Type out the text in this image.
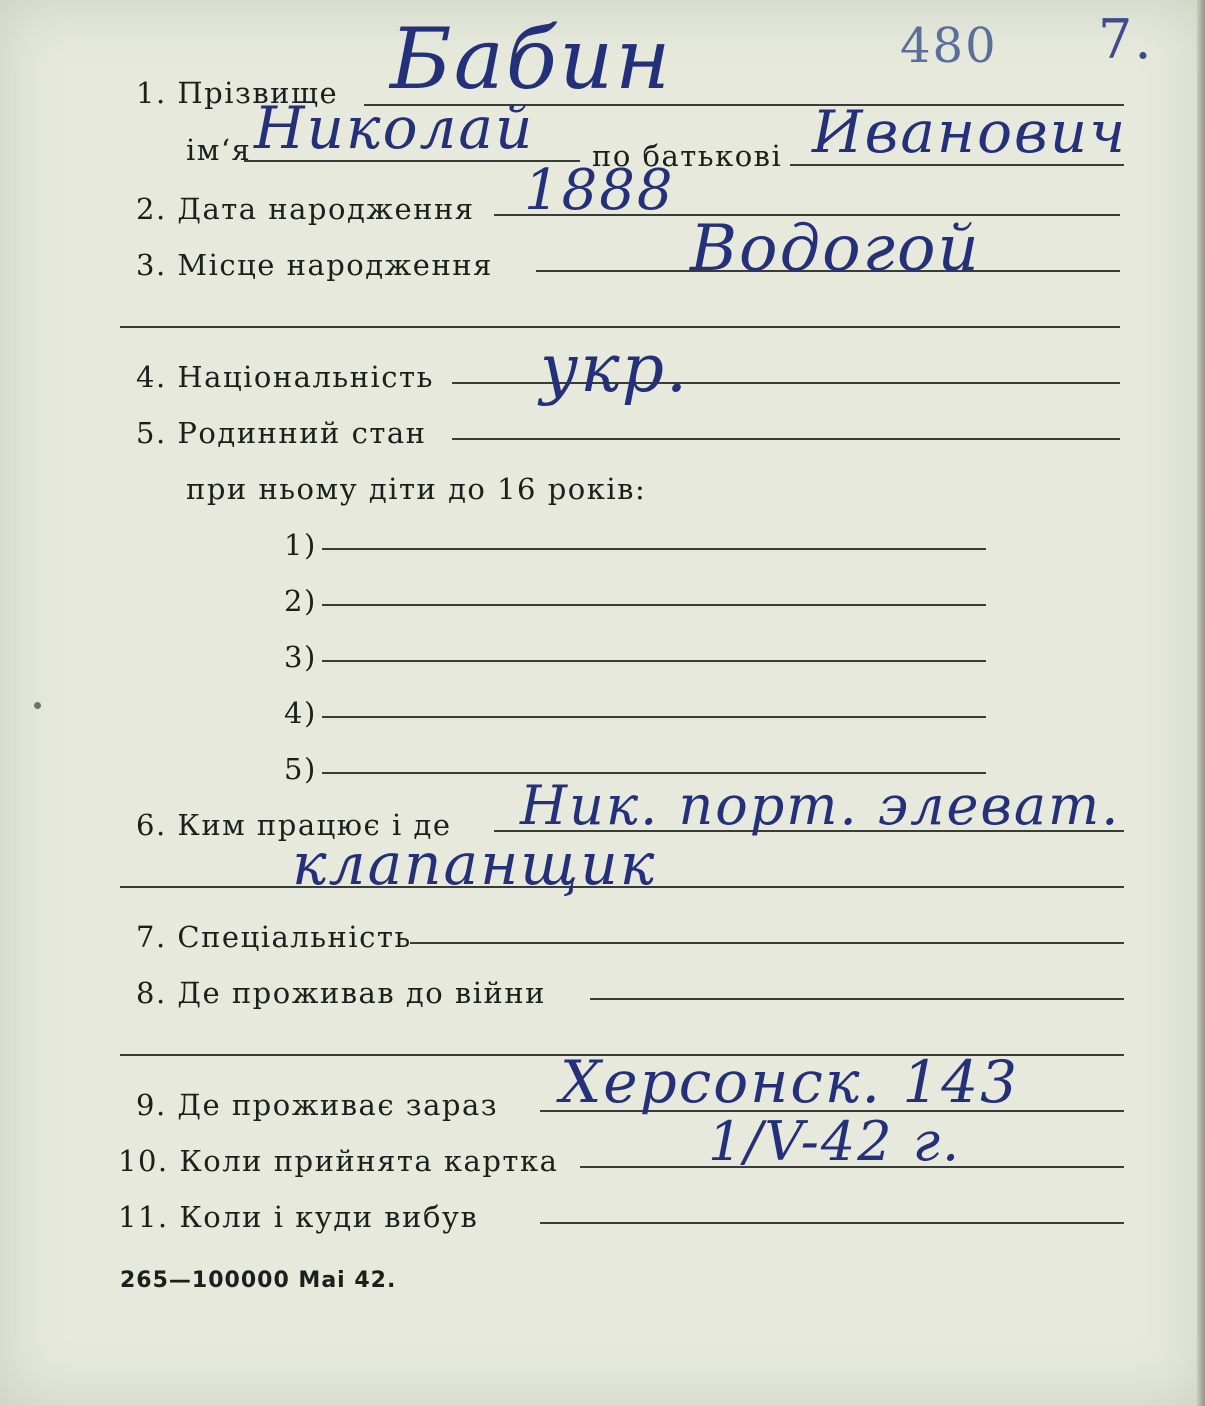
480 7.
1. Прізвище Бабин
ім‘я Николай по батькові Иванович
2. Дата народження 1888
3. Місце народження	Водогой
4. Національність укр.
5. Родинний стан
при ньому діти до 16 років:
1)
2)
3)
4)
5)
6. Ким працює і де Ник. порт. элеват.
клапанщик
7. Спеціальність
8. Де проживав до війни
9. Де проживає зараз Херсонск. 143
10. Коли прийнята картка	1/V-42 г.
11. Коли і куди вибув
265—100000 Mai 42.
